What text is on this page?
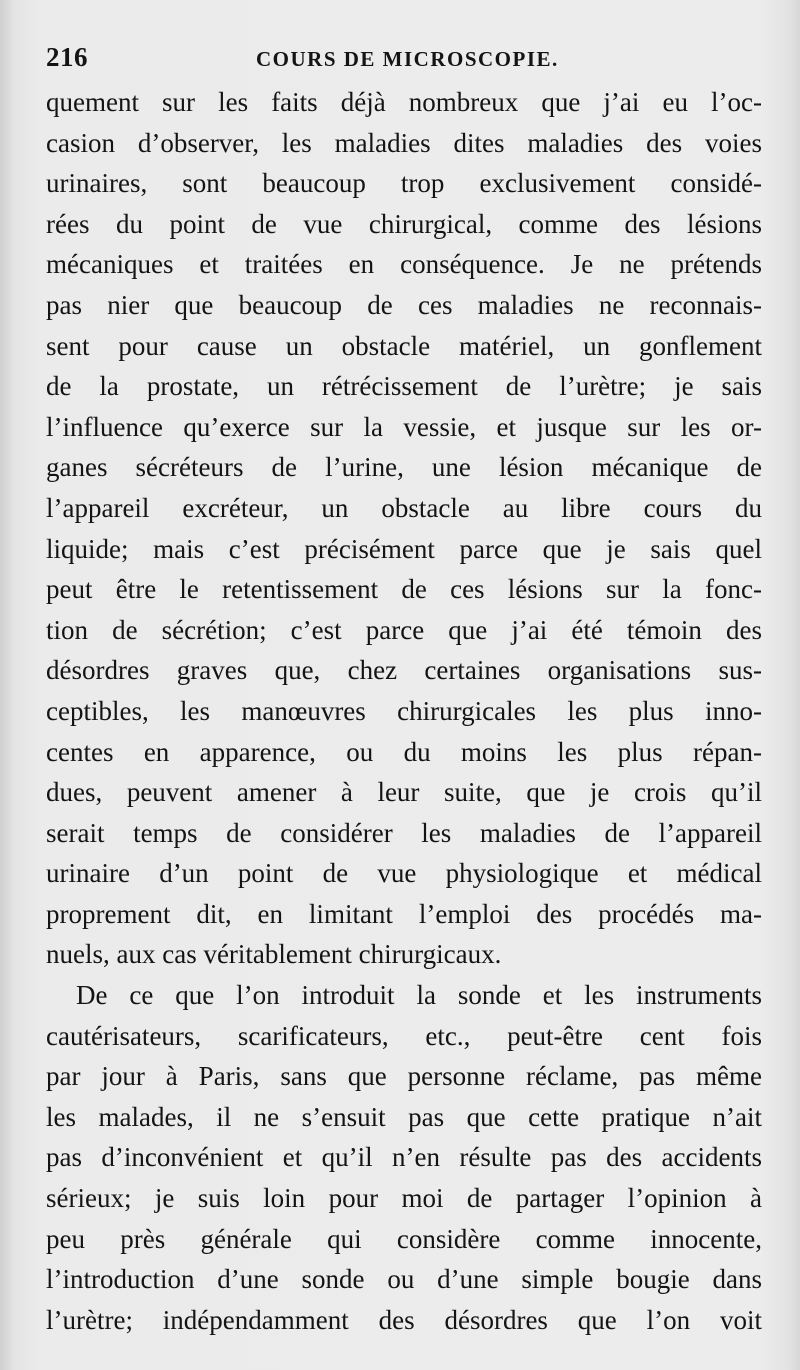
216	COURS DE MICROSCOPIE.
quement sur les faits déjà nombreux que j’ai eu l’oc-
casion d’observer, les maladies dites maladies des voies
urinaires, sont beaucoup trop exclusivement considé-
rées du point de vue chirurgical, comme des lésions
mécaniques et traitées en conséquence. Je ne prétends
pas nier que beaucoup de ces maladies ne reconnais-
sent pour cause un obstacle matériel, un gonflement
de la prostate, un rétrécissement de l’urètre; je sais
l’influence qu’exerce sur la vessie, et jusque sur les or-
ganes sécréteurs de l’urine, une lésion mécanique de
l’appareil excréteur, un obstacle au libre cours du
liquide; mais c’est précisément parce que je sais quel
peut être le retentissement de ces lésions sur la fonc-
tion de sécrétion; c’est parce que j’ai été témoin des
désordres graves que, chez certaines organisations sus-
ceptibles, les manœuvres chirurgicales les plus inno-
centes en apparence, ou du moins les plus répan-
dues, peuvent amener à leur suite, que je crois qu’il
serait temps de considérer les maladies de l’appareil
urinaire d’un point de vue physiologique et médical
proprement dit, en limitant l’emploi des procédés ma-
nuels, aux cas véritablement chirurgicaux.
De ce que l’on introduit la sonde et les instruments
cautérisateurs, scarificateurs, etc., peut-être cent fois
par jour à Paris, sans que personne réclame, pas même
les malades, il ne s’ensuit pas que cette pratique n’ait
pas d’inconvénient et qu’il n’en résulte pas des accidents
sérieux; je suis loin pour moi de partager l’opinion à
peu près générale qui considère comme innocente,
l’introduction d’une sonde ou d’une simple bougie dans
l’urètre; indépendamment des désordres que l’on voit
